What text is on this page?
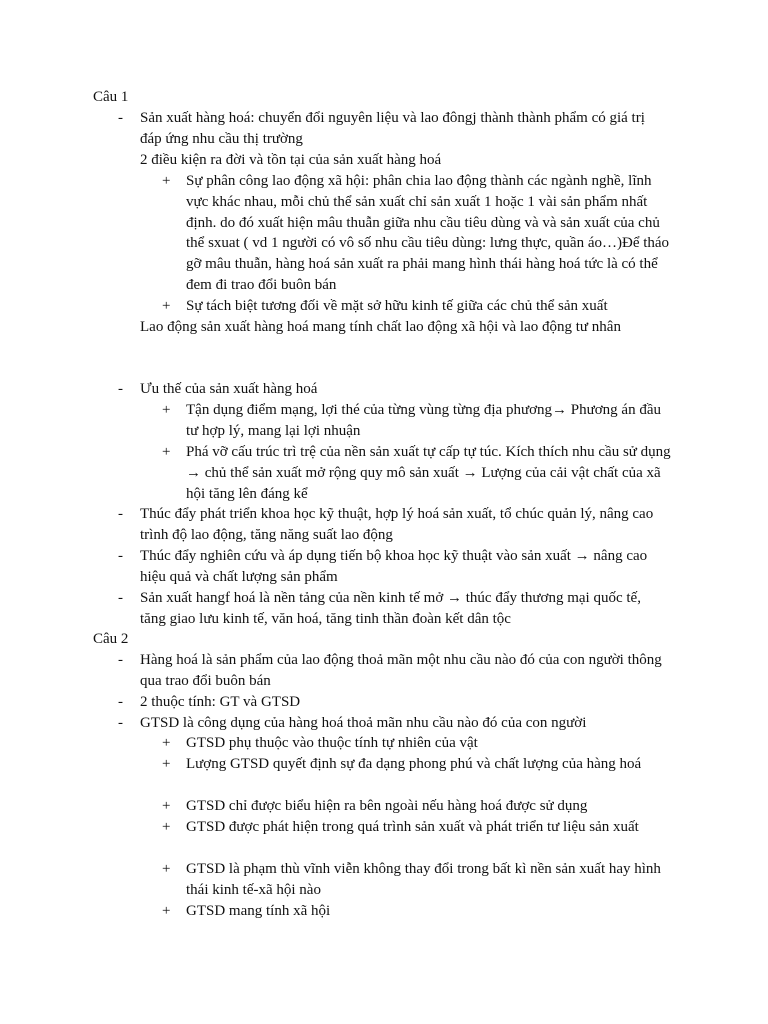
Câu 1
- Sản xuất hàng hoá: chuyển đổi nguyên liệu và lao đôngj thành thành phẩm có giá trị đáp ứng nhu cầu thị trường
2 điều kiện ra đời và tồn tại của sản xuất hàng hoá
+ Sự phân công lao động xã hội: phân chia lao động thành các ngành nghề, lĩnh vực khác nhau, mỗi chủ thể sản xuất chỉ sản xuất 1 hoặc 1 vài sản phẩm nhất định. do đó xuất hiện mâu thuẫn giữa nhu cầu tiêu dùng và và sản xuất của chủ thể sxuat ( vd 1 người có vô số nhu cầu tiêu dùng: lưng thực, quần áo…)Để tháo gỡ mâu thuẫn, hàng hoá sản xuất ra phải mang hình thái hàng hoá tức là có thể đem đi trao đổi buôn bán
+ Sự tách biệt tương đối về mặt sở hữu kinh tế giữa các chủ thể sản xuất
Lao động sản xuất hàng hoá mang tính chất lao động xã hội và lao động tư nhân
- Ưu thế của sản xuất hàng hoá
+ Tận dụng điểm mạng, lợi thé của từng vùng từng địa phương→ Phương án đầu tư hợp lý, mang lại lợi nhuận
+ Phá vỡ cấu trúc trì trệ của nền sản xuất tự cấp tự túc. Kích thích nhu cầu sử dụng → chủ thể sản xuất mở rộng quy mô sản xuất → Lượng của cải vật chất của xã hội tăng lên đáng kể
- Thúc đẩy phát triển khoa học kỹ thuật, hợp lý hoá sản xuất, tổ chúc quản lý, nâng cao trình độ lao động, tăng năng suất lao động
- Thúc đẩy nghiên cứu và áp dụng tiến bộ khoa học kỹ thuật vào sản xuất → nâng cao hiệu quả và chất lượng sản phẩm
- Sản xuất hangf hoá là nền tảng của nền kinh tế mở → thúc đẩy thương mại quốc tế, tăng giao lưu kinh tế, văn hoá, tăng tinh thần đoàn kết dân tộc
Câu 2
- Hàng hoá là sản phẩm của lao động thoả mãn một nhu cầu nào đó của con người thông qua trao đổi buôn bán
- 2 thuộc tính: GT và GTSD
- GTSD là công dụng của hàng hoá thoả mãn nhu cầu nào đó của con người
+ GTSD phụ thuộc vào thuộc tính tự nhiên của vật
+ Lượng GTSD quyết định sự đa dạng phong phú và chất lượng của hàng hoá
+ GTSD chỉ được biểu hiện ra bên ngoài nếu hàng hoá được sử dụng
+ GTSD được phát hiện trong quá trình sản xuất và phát triển tư liệu sản xuất
+ GTSD là phạm thù vĩnh viễn không thay đổi trong bất kì nền sản xuất hay hình thái kinh tế-xã hội nào
+ GTSD mang tính xã hội
